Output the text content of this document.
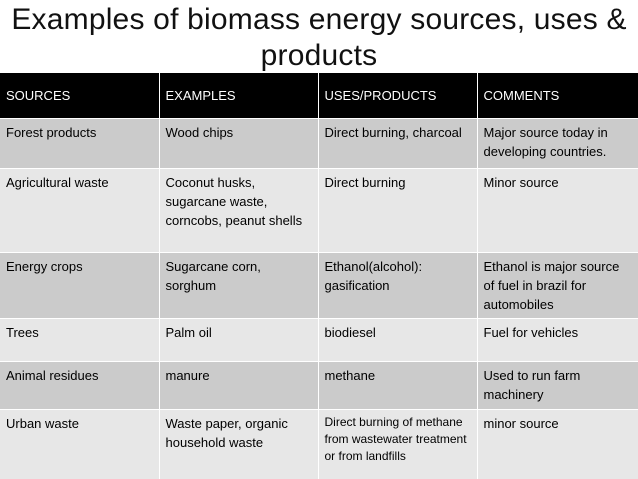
Examples of biomass energy sources, uses & products
SOURCES	EXAMPLES	USES/PRODUCTS	COMMENTS
Forest products	Wood chips	Direct burning, charcoal	Major source today in developing countries.
Agricultural waste	Coconut husks, sugarcane waste, corncobs, peanut shells	Direct burning	Minor source
Energy crops	Sugarcane corn, sorghum	Ethanol(alcohol): gasification	Ethanol is major source of fuel in brazil for automobiles
Trees	Palm oil	biodiesel	Fuel for vehicles
Animal residues	manure	methane	Used to run farm machinery
Urban waste	Waste paper, organic household waste	Direct burning of methane from wastewater treatment or from landfills	minor source
